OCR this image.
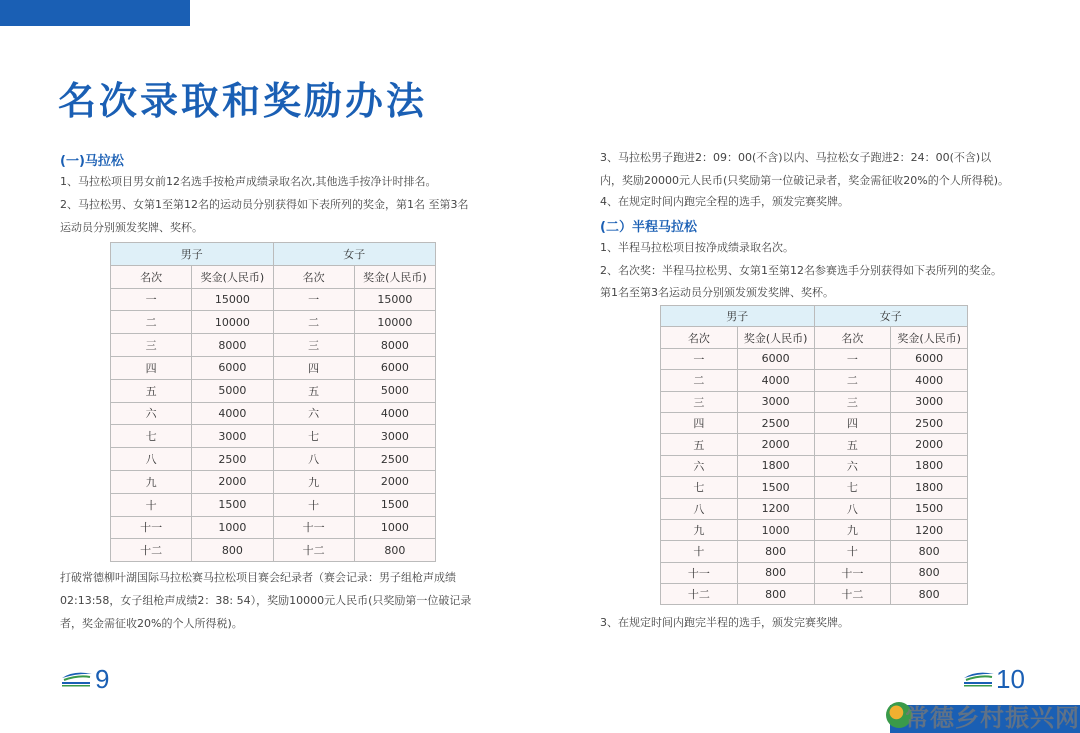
名次录取和奖励办法
(一)马拉松
1、马拉松项目男女前12名选手按枪声成绩录取名次,其他选手按净计时排名。
2、马拉松男、女第1至第12名的运动员分别获得如下表所列的奖金，第1名 至第3名
运动员分别颁发奖牌、奖杯。
男子		女子	
名次	奖金(人民币)	名次	奖金(人民币)
一	15000	一	15000
二	10000	二	10000
三	8000	三	8000
四	6000	四	6000
五	5000	五	5000
六	4000	六	4000
七	3000	七	3000
八	2500	八	2500
九	2000	九	2000
十	1500	十	1500
十一	1000	十一	1000
十二	800	十二	800
打破常德柳叶湖国际马拉松赛马拉松项目赛会纪录者（赛会记录：男子组枪声成绩
02:13:58，女子组枪声成绩2：38: 54），奖励10000元人民币(只奖励第一位破记录
者，奖金需征收20%的个人所得税)。
3、马拉松男子跑进2：09：00(不含)以内、马拉松女子跑进2：24：00(不含)以
内，奖励20000元人民币(只奖励第一位破记录者，奖金需征收20%的个人所得税)。
4、在规定时间内跑完全程的选手，颁发完赛奖牌。
(二）半程马拉松
1、半程马拉松项目按净成绩录取名次。
2、名次奖：半程马拉松男、女第1至第12名参赛选手分别获得如下表所列的奖金。
第1名至第3名运动员分别颁发颁发奖牌、奖杯。
男子		女子	
名次	奖金(人民币)	名次	奖金(人民币)
一	6000	一	6000
二	4000	二	4000
三	3000	三	3000
四	2500	四	2500
五	2000	五	2000
六	1800	六	1800
七	1500	七	1800
八	1200	八	1500
九	1000	九	1200
十	800	十	800
十一	800	十一	800
十二	800	十二	800
3、在规定时间内跑完半程的选手，颁发完赛奖牌。
9	10
常德乡村振兴网
